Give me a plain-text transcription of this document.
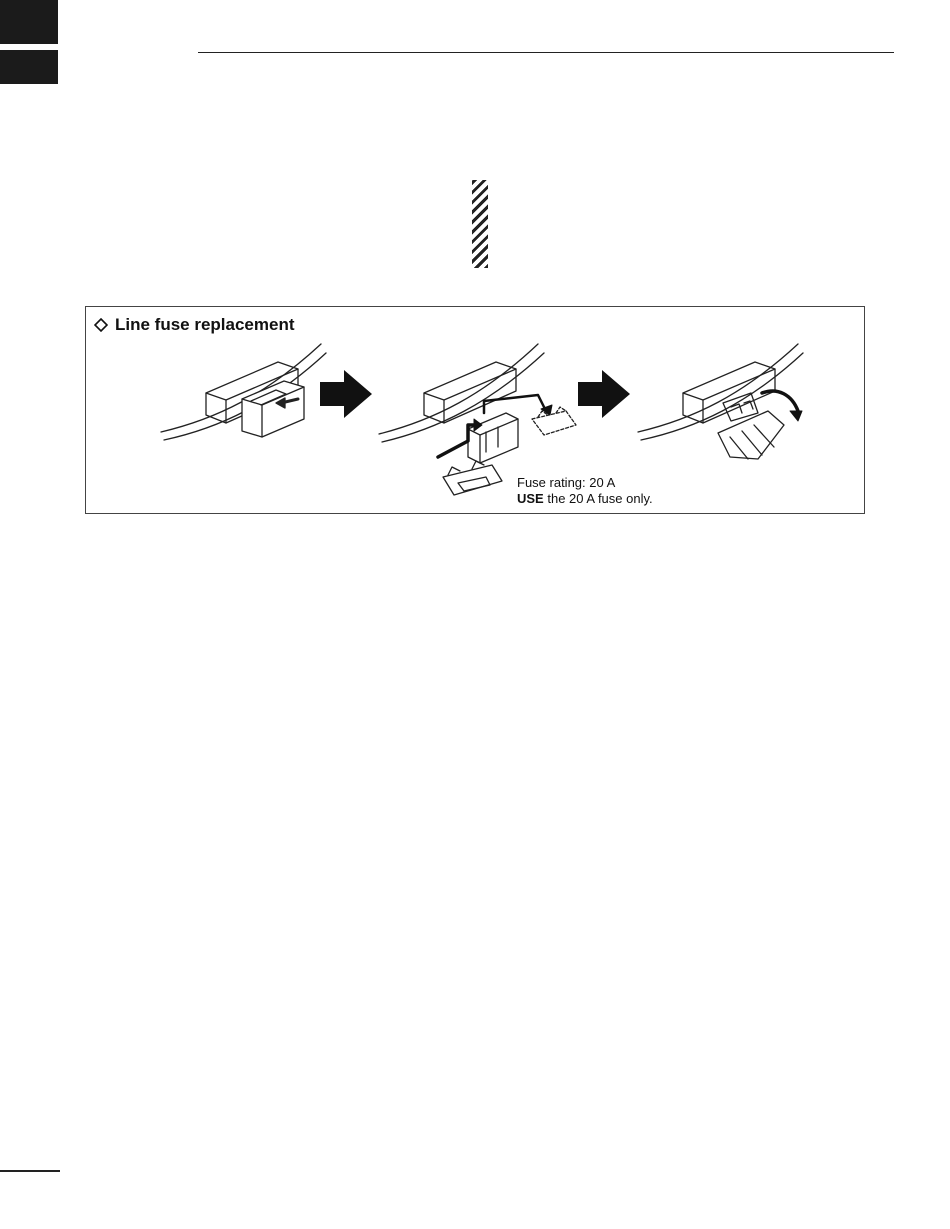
Line fuse replacement
Fuse rating: 20 A
USE the 20 A fuse only.
